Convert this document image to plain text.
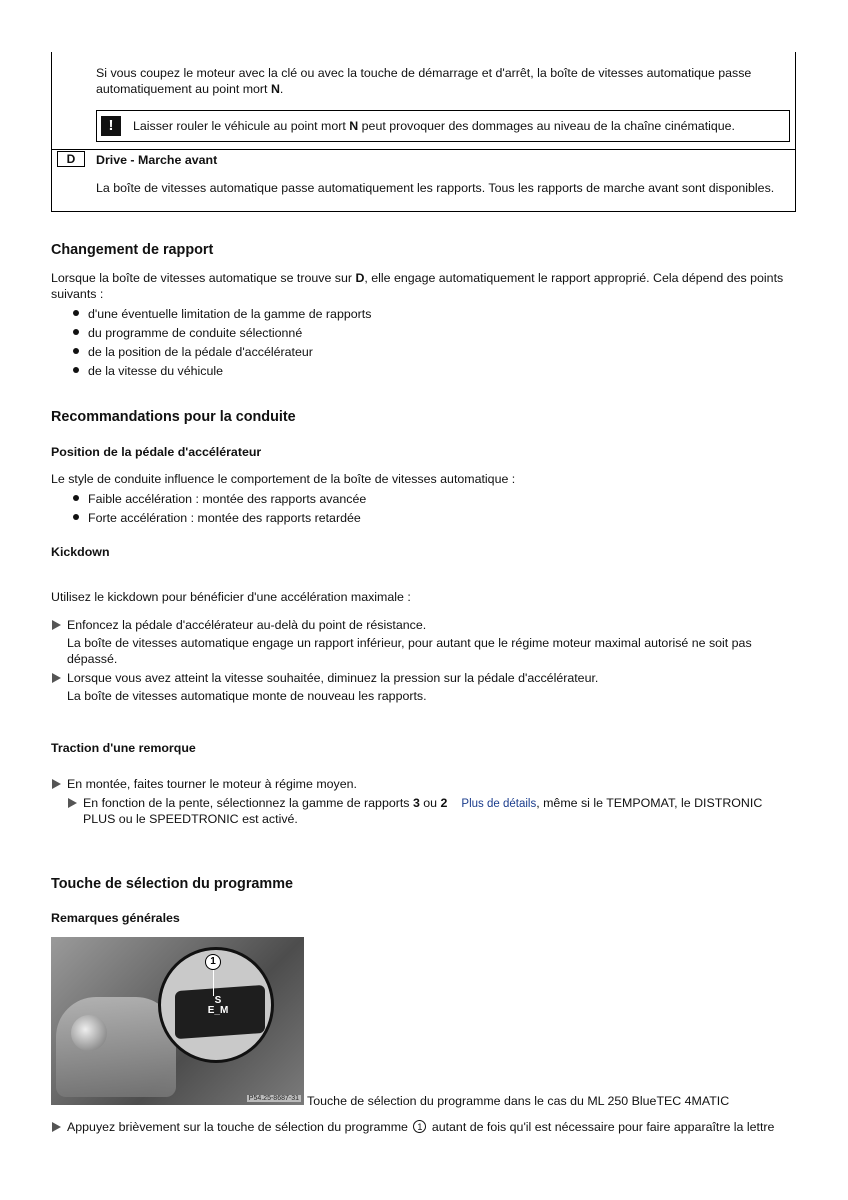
Si vous coupez le moteur avec la clé ou avec la touche de démarrage et d'arrêt, la boîte de vitesses automatique passe automatiquement au point mort N.
!	Laisser rouler le véhicule au point mort N peut provoquer des dommages au niveau de la chaîne cinématique.
D	Drive - Marche avant
La boîte de vitesses automatique passe automatiquement les rapports. Tous les rapports de marche avant sont disponibles.
Changement de rapport
Lorsque la boîte de vitesses automatique se trouve sur D, elle engage automatiquement le rapport approprié. Cela dépend des points suivants :
d'une éventuelle limitation de la gamme de rapports
du programme de conduite sélectionné
de la position de la pédale d'accélérateur
de la vitesse du véhicule
Recommandations pour la conduite
Position de la pédale d'accélérateur
Le style de conduite influence le comportement de la boîte de vitesses automatique :
Faible accélération : montée des rapports avancée
Forte accélération : montée des rapports retardée
Kickdown
Utilisez le kickdown pour bénéficier d'une accélération maximale :
Enfoncez la pédale d'accélérateur au-delà du point de résistance.
La boîte de vitesses automatique engage un rapport inférieur, pour autant que le régime moteur maximal autorisé ne soit pas dépassé.
Lorsque vous avez atteint la vitesse souhaitée, diminuez la pression sur la pédale d'accélérateur.
La boîte de vitesses automatique monte de nouveau les rapports.
Traction d'une remorque
En montée, faites tourner le moteur à régime moyen.
En fonction de la pente, sélectionnez la gamme de rapports 3 ou 2 Plus de détails, même si le TEMPOMAT, le DISTRONIC
PLUS ou le SPEEDTRONIC est activé.
Touche de sélection du programme
Remarques générales
S
E_M
1
P54.25-8687-31 Touche de sélection du programme dans le cas du ML 250 BlueTEC 4MATIC
Appuyez brièvement sur la touche de sélection du programme 1 autant de fois qu'il est nécessaire pour faire apparaître la lettre
